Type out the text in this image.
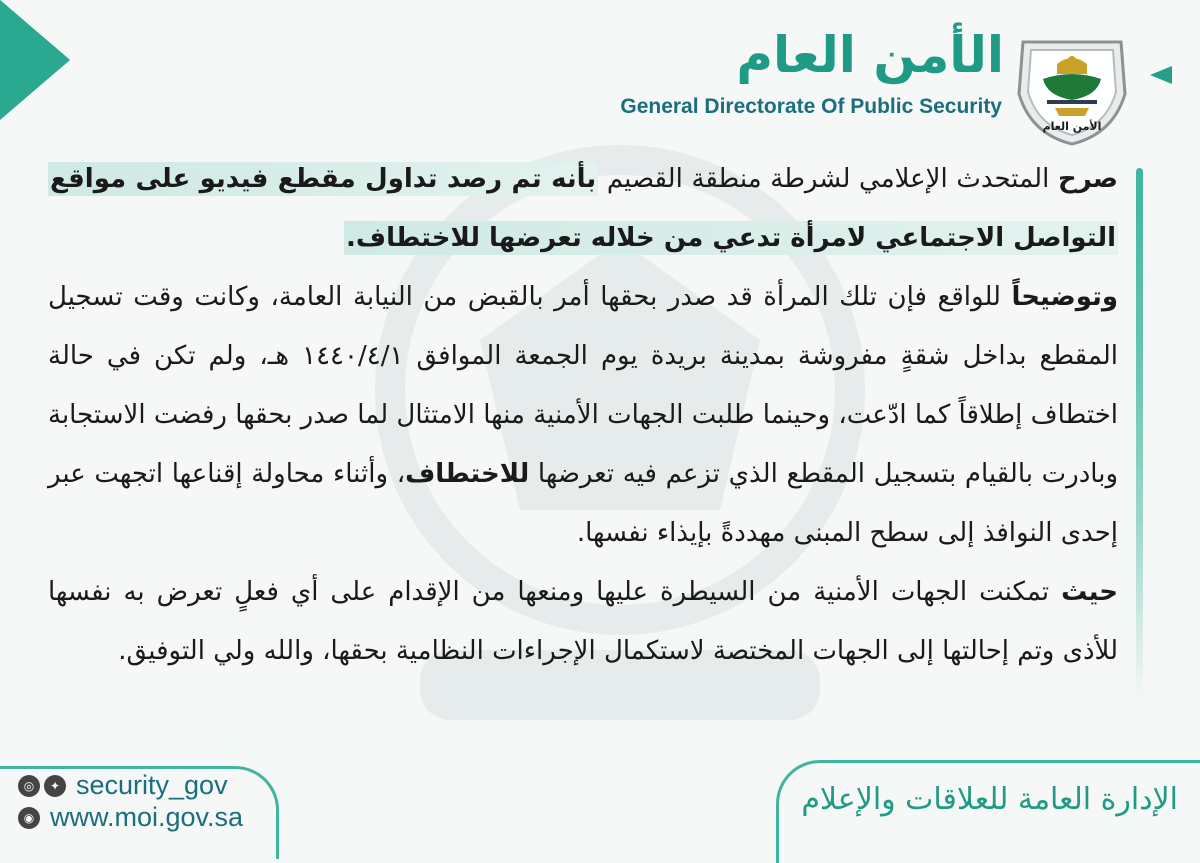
الأمن العام
General Directorate Of Public Security
الأمن العام

صرح المتحدث الإعلامي لشرطة منطقة القصيم بأنه تم رصد تداول مقطع فيديو على مواقع التواصل الاجتماعي لامرأة تدعي من خلاله تعرضها للاختطاف.

وتوضيحاً للواقع فإن تلك المرأة قد صدر بحقها أمر بالقبض من النيابة العامة، وكانت وقت تسجيل المقطع بداخل شقةٍ مفروشة بمدينة بريدة يوم الجمعة الموافق ١٤٤٠/٤/١ هـ، ولم تكن في حالة اختطاف إطلاقاً كما ادّعت، وحينما طلبت الجهات الأمنية منها الامتثال لما صدر بحقها رفضت الاستجابة وبادرت بالقيام بتسجيل المقطع الذي تزعم فيه تعرضها للاختطاف، وأثناء محاولة إقناعها اتجهت عبر إحدى النوافذ إلى سطح المبنى مهددةً بإيذاء نفسها.

حيث تمكنت الجهات الأمنية من السيطرة عليها ومنعها من الإقدام على أي فعلٍ تعرض به نفسها للأذى وتم إحالتها إلى الجهات المختصة لاستكمال الإجراءات النظامية بحقها، والله ولي التوفيق.

الإدارة العامة للعلاقات والإعلام
◎	✦ security_gov
◉ www.moi.gov.sa
